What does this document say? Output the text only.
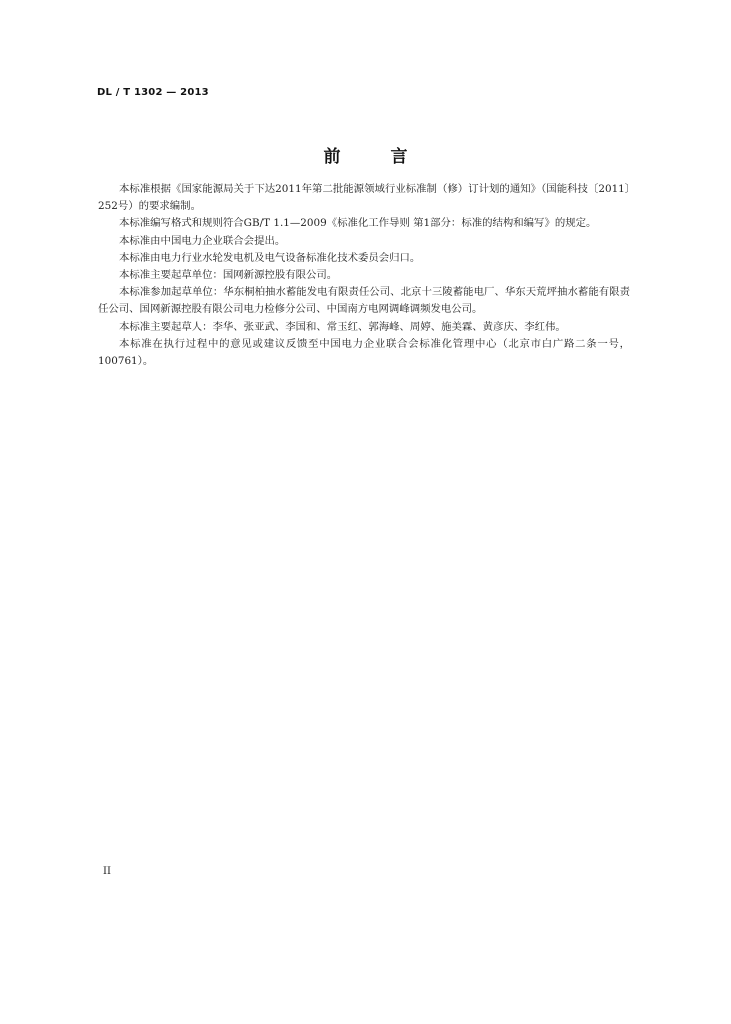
DL / T 1302 — 2013
前 言

本标准根据《国家能源局关于下达2011年第二批能源领域行业标准制（修）订计划的通知》（国能科技〔2011〕252号）的要求编制。

本标准编写格式和规则符合GB/T 1.1—2009《标准化工作导则 第1部分：标准的结构和编写》的规定。

本标准由中国电力企业联合会提出。

本标准由电力行业水轮发电机及电气设备标准化技术委员会归口。

本标准主要起草单位：国网新源控股有限公司。

本标准参加起草单位：华东桐柏抽水蓄能发电有限责任公司、北京十三陵蓄能电厂、华东天荒坪抽水蓄能有限责任公司、国网新源控股有限公司电力检修分公司、中国南方电网调峰调频发电公司。

本标准主要起草人：李华、张亚武、李国和、常玉红、郭海峰、周婷、施美霖、黄彦庆、李红伟。

本标准在执行过程中的意见或建议反馈至中国电力企业联合会标准化管理中心（北京市白广路二条一号，100761）。

II
